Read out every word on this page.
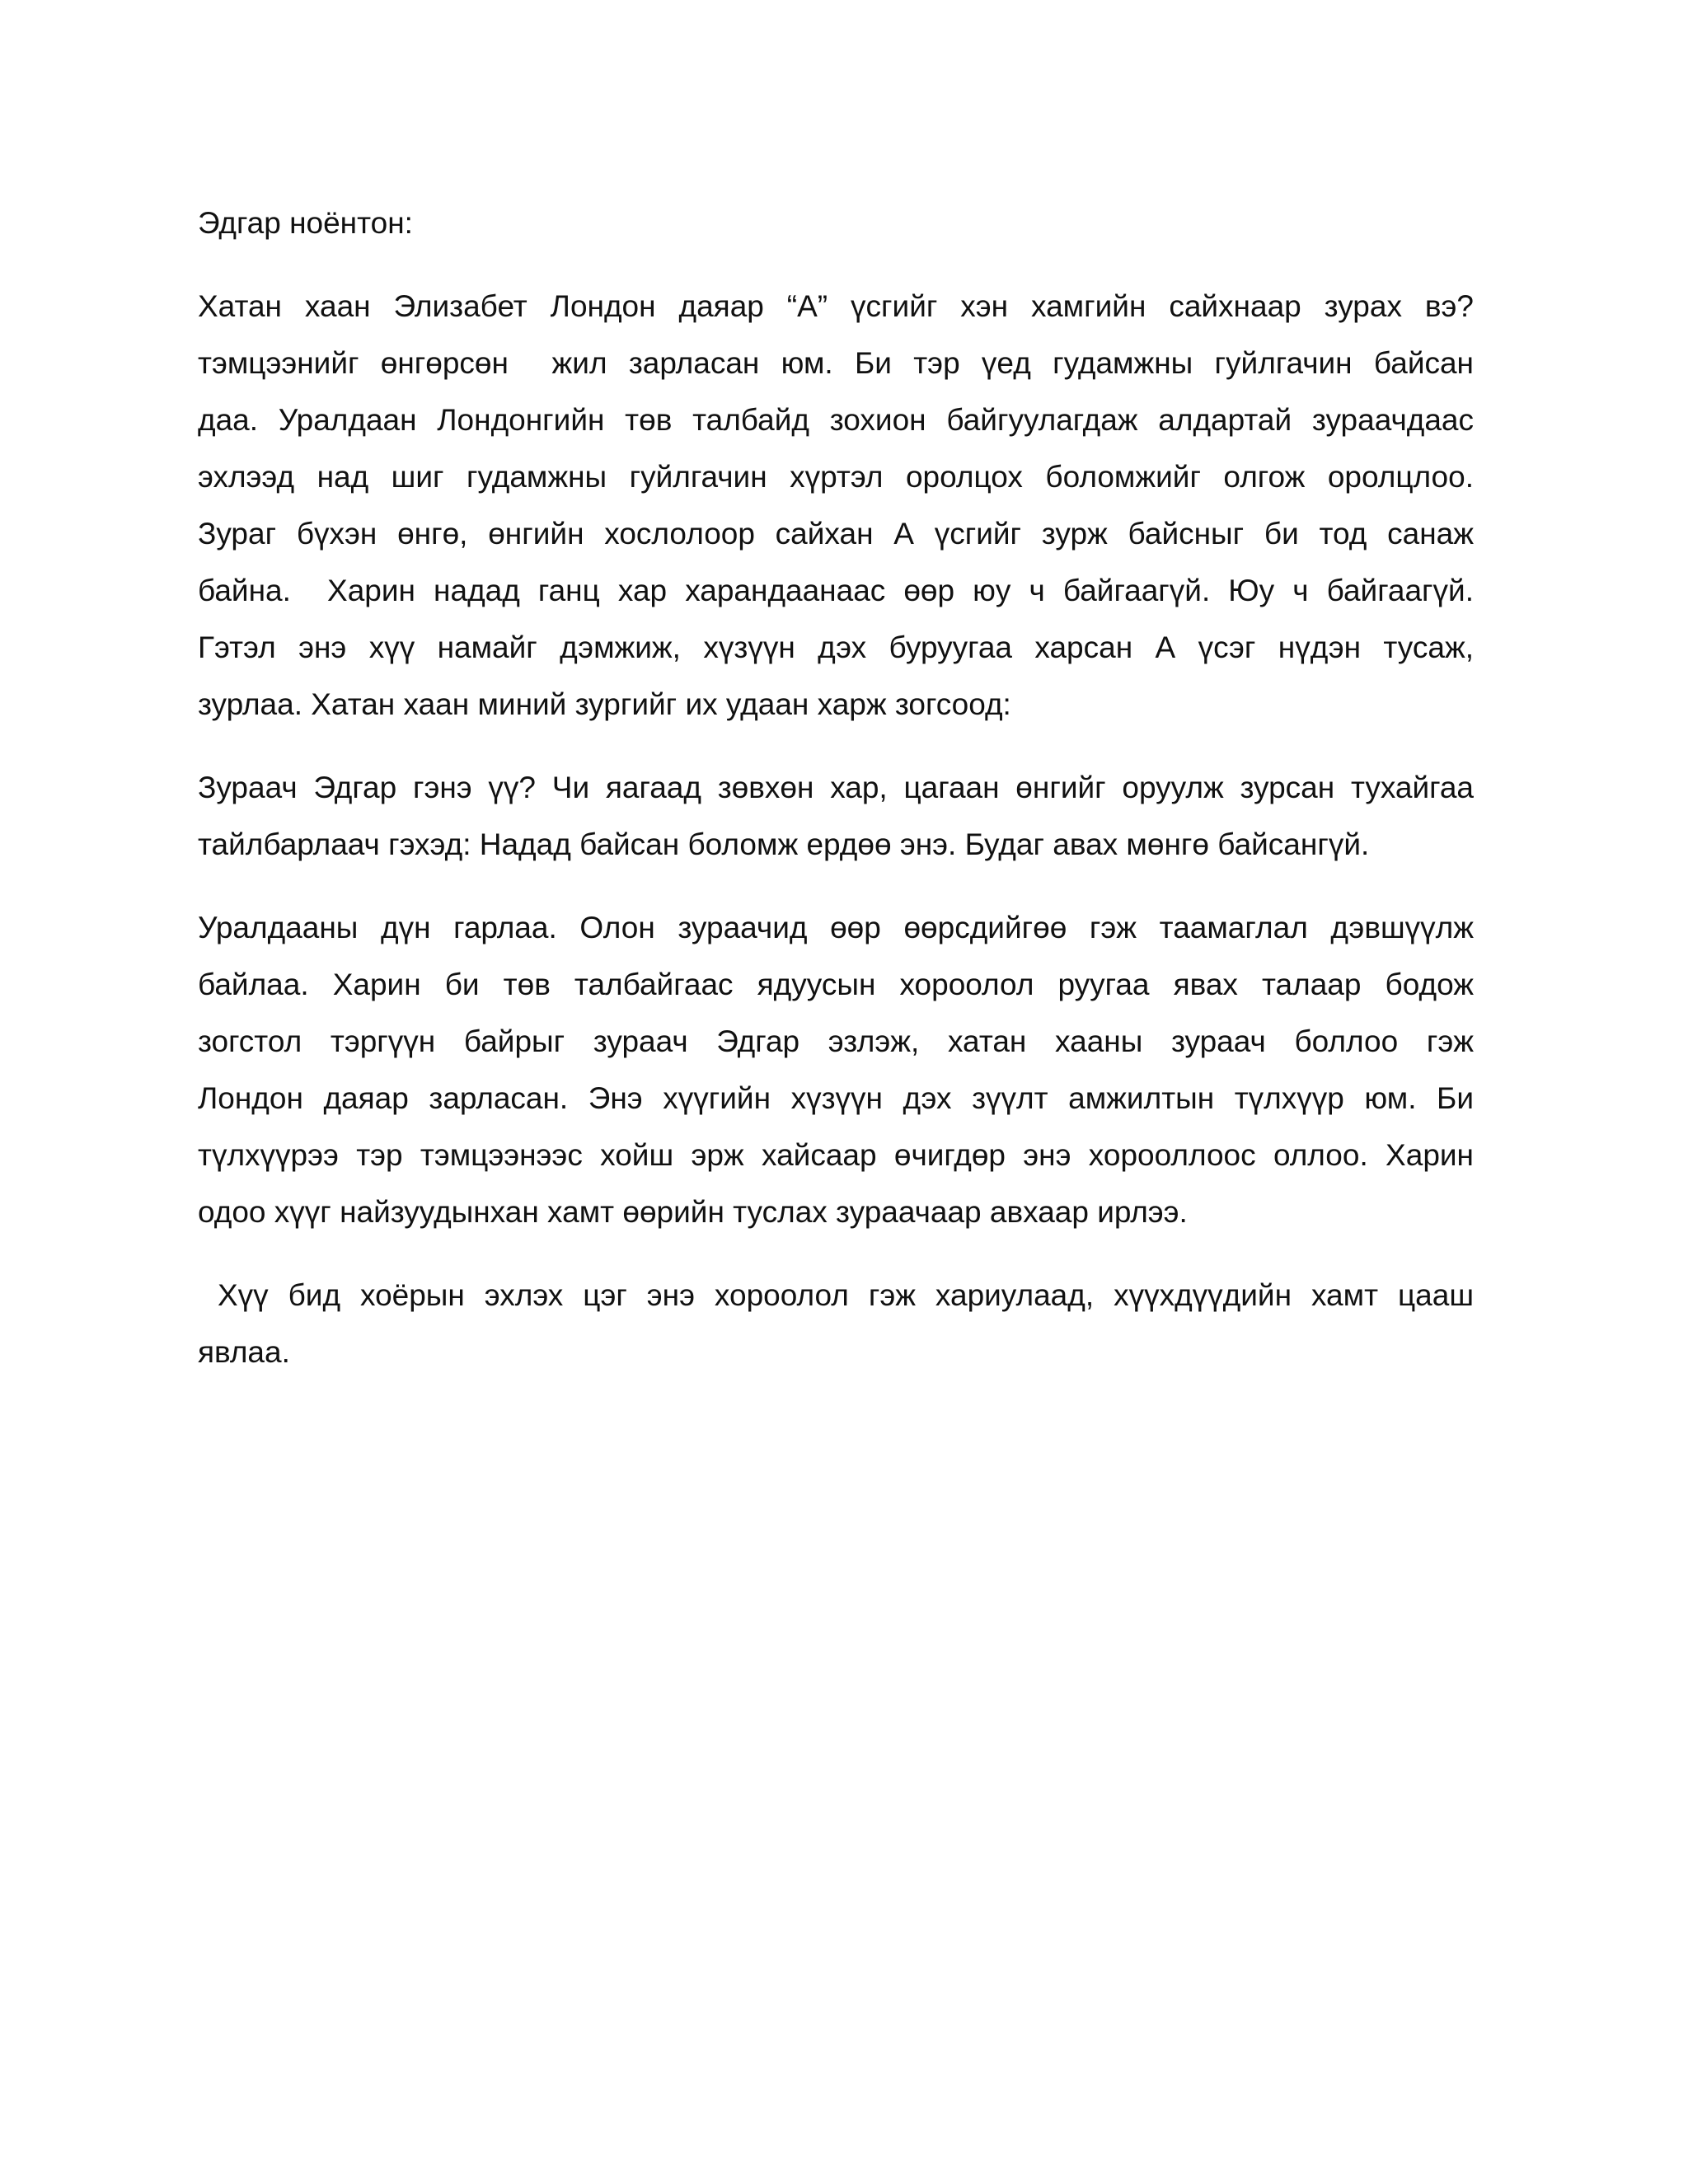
Эдгар ноёнтон:
Хатан хаан Элизабет Лондон даяар “А” үсгийг хэн хамгийн сайхнаар зурах вэ?
тэмцээнийг өнгөрсөн  жил зарласан юм. Би тэр үед гудамжны гуйлгачин байсан
даа. Уралдаан Лондонгийн төв талбайд зохион байгуулагдаж алдартай зураачдаас
эхлээд над шиг гудамжны гуйлгачин хүртэл оролцох боломжийг олгож оролцлоо.
Зураг бүхэн өнгө, өнгийн хослолоор сайхан А үсгийг зурж байсныг би тод санаж
байна.  Харин надад ганц хар харандаанаас өөр юу ч байгаагүй. Юу ч байгаагүй.
Гэтэл энэ хүү намайг дэмжиж, хүзүүн дэх буруугаа харсан А үсэг нүдэн тусаж,
зурлаа. Хатан хаан миний зургийг их удаан харж зогсоод:
Зураач Эдгар гэнэ үү? Чи яагаад зөвхөн хар, цагаан өнгийг оруулж зурсан тухайгаа
тайлбарлаач гэхэд: Надад байсан боломж ердөө энэ. Будаг авах мөнгө байсангүй.
Уралдааны дүн гарлаа. Олон зураачид өөр өөрсдийгөө гэж таамаглал дэвшүүлж
байлаа. Харин би төв талбайгаас ядуусын хороолол руугаа явах талаар бодож
зогстол тэргүүн байрыг зураач Эдгар эзлэж, хатан хааны зураач боллоо гэж
Лондон даяар зарласан. Энэ хүүгийн хүзүүн дэх зүүлт амжилтын түлхүүр юм. Би
түлхүүрээ тэр тэмцээнээс хойш эрж хайсаар өчигдөр энэ хорооллоос оллоо. Харин
одоо хүүг найзуудынхан хамт өөрийн туслах зураачаар авхаар ирлээ.
Хүү бид хоёрын эхлэх цэг энэ хороолол гэж хариулаад, хүүхдүүдийн хамт цааш
явлаа.
